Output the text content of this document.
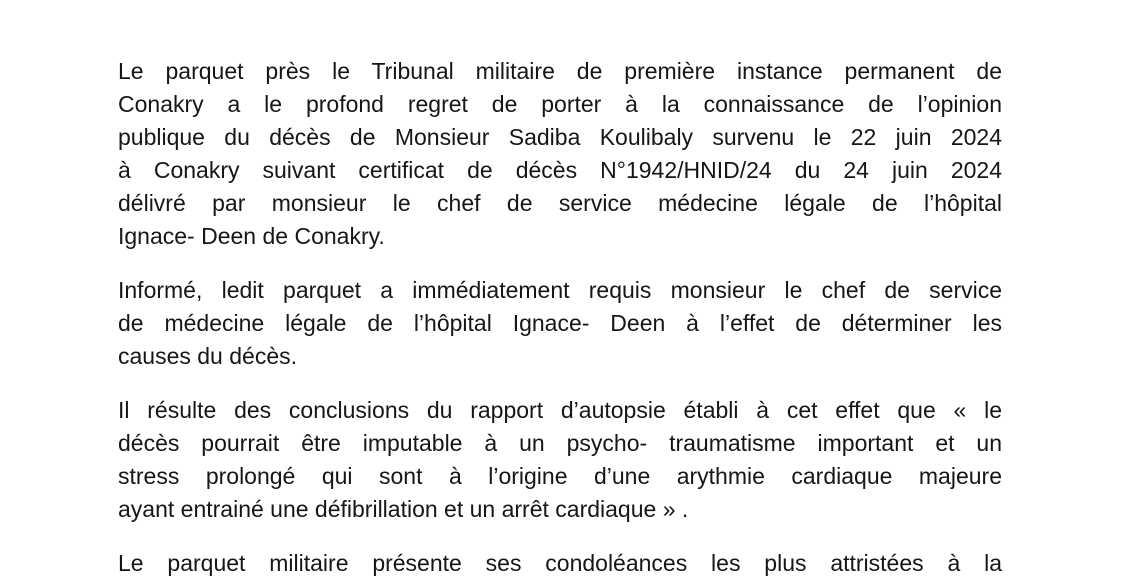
Le parquet près le Tribunal militaire de première instance permanent de
Conakry a le profond regret de porter à la connaissance de l’opinion
publique du décès de Monsieur Sadiba Koulibaly survenu le 22 juin 2024
à Conakry suivant certificat de décès N°1942/HNID/24 du 24 juin 2024
délivré par monsieur le chef de service médecine légale de l’hôpital
Ignace- Deen de Conakry.
Informé, ledit parquet a immédiatement requis monsieur le chef de service
de médecine légale de l’hôpital Ignace- Deen à l’effet de déterminer les
causes du décès.
Il résulte des conclusions du rapport d’autopsie établi à cet effet que « le
décès pourrait être imputable à un psycho- traumatisme important et un
stress prolongé qui sont à l’origine d’une arythmie cardiaque majeure
ayant entrainé une défibrillation et un arrêt cardiaque » .
Le parquet militaire présente ses condoléances les plus attristées à la
